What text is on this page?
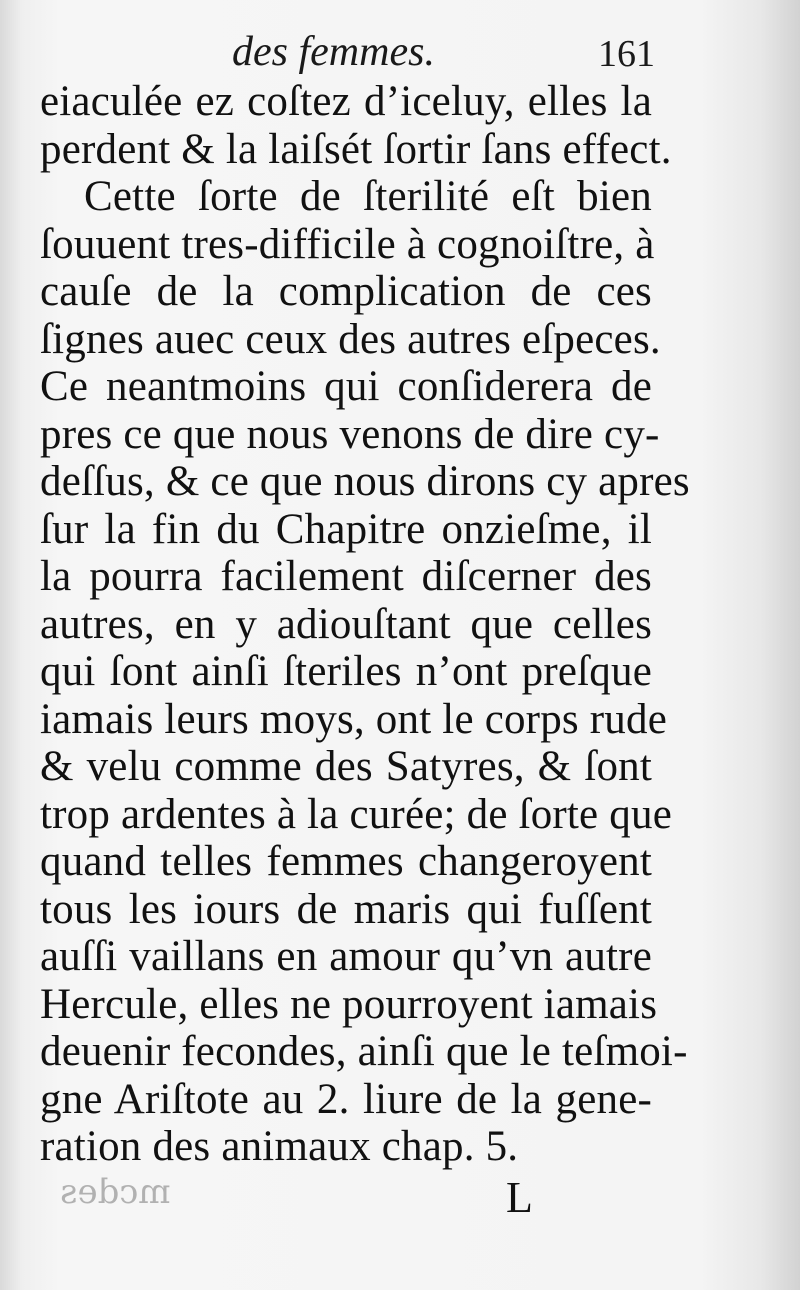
mcdes
des femmes.	161
eiaculée ez coſtez d’iceluy, elles la
perdent & la laiſsét ſortir ſans effect.
Cette ſorte de ſterilité eſt bien
ſouuent tres-difficile à cognoiſtre, à
cauſe de la complication de ces
ſignes auec ceux des autres eſpeces.
Ce neantmoins qui conſiderera de
pres ce que nous venons de dire cy-
deſſus, & ce que nous dirons cy apres
ſur la fin du Chapitre onzieſme, il
la pourra facilement diſcerner des
autres, en y adiouſtant que celles
qui ſont ainſi ſteriles n’ont preſque
iamais leurs moys, ont le corps rude
& velu comme des Satyres, & ſont
trop ardentes à la curée; de ſorte que
quand telles femmes changeroyent
tous les iours de maris qui fuſſent
auſſi vaillans en amour qu’vn autre
Hercule, elles ne pourroyent iamais
deuenir fecondes, ainſi que le teſmoi-
gne Ariſtote au 2. liure de la gene-
ration des animaux chap. 5.
L
